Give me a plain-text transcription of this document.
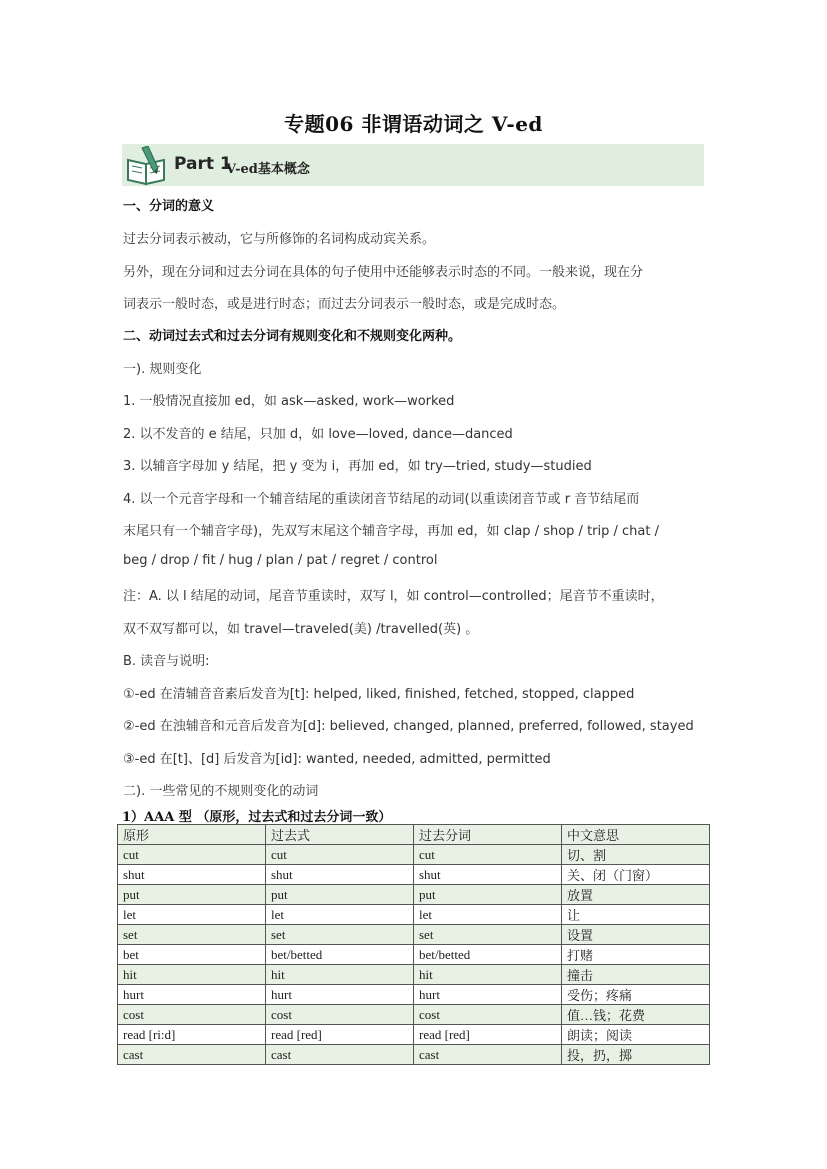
专题06 非谓语动词之 V-ed
Part 1
V-ed基本概念
一、分词的意义
过去分词表示被动，它与所修饰的名词构成动宾关系。
另外，现在分词和过去分词在具体的句子使用中还能够表示时态的不同。一般来说，现在分
词表示一般时态，或是进行时态；而过去分词表示一般时态，或是完成时态。
二、动词过去式和过去分词有规则变化和不规则变化两种。
一). 规则变化
1. 一般情况直接加 ed，如 ask—asked, work—worked
2. 以不发音的 e 结尾，只加 d，如 love—loved, dance—danced
3. 以辅音字母加 y 结尾，把 y 变为 i，再加 ed，如 try—tried, study—studied
4. 以一个元音字母和一个辅音结尾的重读闭音节结尾的动词(以重读闭音节或 r 音节结尾而
末尾只有一个辅音字母)，先双写末尾这个辅音字母，再加 ed，如 clap / shop / trip / chat /
beg / drop / fit / hug / plan / pat / regret / control
注：A. 以 l 结尾的动词，尾音节重读时，双写 l，如 control—controlled；尾音节不重读时，
双不双写都可以，如 travel—traveled(美) /travelled(英) 。
B. 读音与说明:
①-ed 在清辅音音素后发音为[t]: helped, liked, finished, fetched, stopped, clapped
②-ed 在浊辅音和元音后发音为[d]: believed, changed, planned, preferred, followed, stayed
③-ed 在[t]、[d] 后发音为[id]: wanted, needed, admitted, permitted
二). 一些常见的不规则变化的动词
1）AAA 型 （原形，过去式和过去分词一致）
原形	过去式	过去分词	中文意思
cut	cut	cut	切、割
shut	shut	shut	关、闭（门窗）
put	put	put	放置
let	let	let	让
set	set	set	设置
bet	bet/betted	bet/betted	打赌
hit	hit	hit	撞击
hurt	hurt	hurt	受伤；疼痛
cost	cost	cost	值…钱；花费
read [ri:d]	read [red]	read [red]	朗读；阅读
cast	cast	cast	投，扔，掷
